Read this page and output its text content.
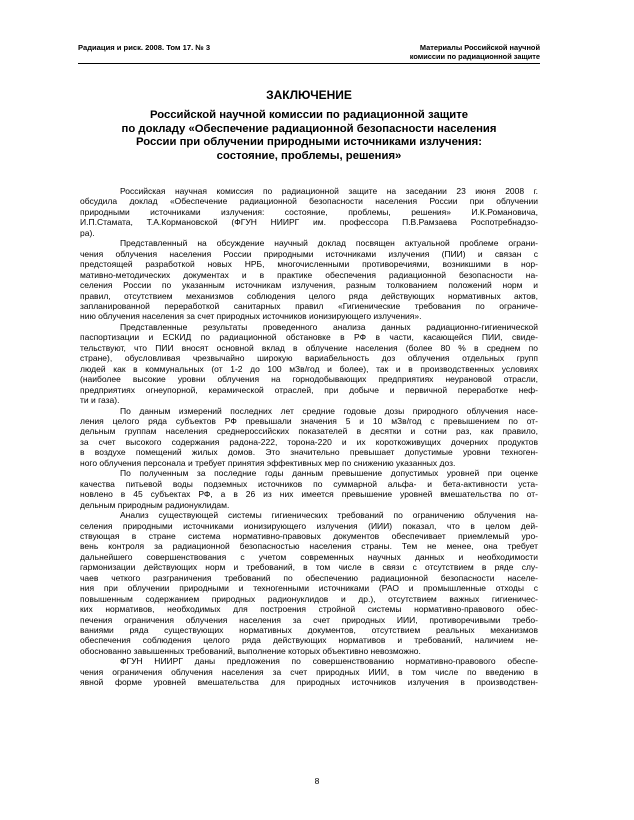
Радиация и риск. 2008. Том 17. № 3	Материалы Российской научной
комиссии по радиационной защите
ЗАКЛЮЧЕНИЕ
Российской научной комиссии по радиационной защите
по докладу «Обеспечение радиационной безопасности населения
России при облучении природными источниками излучения:
состояние, проблемы, решения»

Российская научная комиссия по радиационной защите на заседании 23 июня 2008 г.
обсудила доклад «Обеспечение радиационной безопасности населения России при облучении
природными источниками излучения: состояние, проблемы, решения» И.К.Романовича,
И.П.Стамата, Т.А.Кормановской (ФГУН НИИРГ им. профессора П.В.Рамзаева Роспотребнадзо-
ра).

Представленный на обсуждение научный доклад посвящен актуальной проблеме ограни-
чения облучения населения России природными источниками излучения (ПИИ) и связан с
предстоящей разработкой новых НРБ, многочисленными противоречиями, возникшими в нор-
мативно-методических документах и в практике обеспечения радиационной безопасности на-
селения России по указанным источникам излучения, разным толкованием положений норм и
правил, отсутствием механизмов соблюдения целого ряда действующих нормативных актов,
запланированной переработкой санитарных правил «Гигиенические требования по ограниче-
нию облучения населения за счет природных источников ионизирующего излучения».

Представленные результаты проведенного анализа данных радиационно-гигиенической
паспортизации и ЕСКИД по радиационной обстановке в РФ в части, касающейся ПИИ, свиде-
тельствуют, что ПИИ вносят основной вклад в облучение населения (более 80 % в среднем по
стране), обусловливая чрезвычайно широкую вариабельность доз облучения отдельных групп
людей как в коммунальных (от 1-2 до 100 мЗв/год и более), так и в производственных условиях
(наиболее высокие уровни облучения на горнодобывающих предприятиях неурановой отрасли,
предприятиях огнеупорной, керамической отраслей, при добыче и первичной переработке неф-
ти и газа).

По данным измерений последних лет средние годовые дозы природного облучения насе-
ления целого ряда субъектов РФ превышали значения 5 и 10 мЗв/год с превышением по от-
дельным группам населения среднероссийских показателей в десятки и сотни раз, как правило,
за счет высокого содержания радона-222, торона-220 и их короткоживущих дочерних продуктов
в воздухе помещений жилых домов. Это значительно превышает допустимые уровни техноген-
ного облучения персонала и требует принятия эффективных мер по снижению указанных доз.

По полученным за последние годы данным превышение допустимых уровней при оценке
качества питьевой воды подземных источников по суммарной альфа- и бета-активности уста-
новлено в 45 субъектах РФ, а в 26 из них имеется превышение уровней вмешательства по от-
дельным природным радионуклидам.

Анализ существующей системы гигиенических требований по ограничению облучения на-
селения природными источниками ионизирующего излучения (ИИИ) показал, что в целом дей-
ствующая в стране система нормативно-правовых документов обеспечивает приемлемый уро-
вень контроля за радиационной безопасностью населения страны. Тем не менее, она требует
дальнейшего совершенствования с учетом современных научных данных и необходимости
гармонизации действующих норм и требований, в том числе в связи с отсутствием в ряде слу-
чаев четкого разграничения требований по обеспечению радиационной безопасности населе-
ния при облучении природными и техногенными источниками (РАО и промышленные отходы с
повышенным содержанием природных радионуклидов и др.), отсутствием важных гигиеничес-
ких нормативов, необходимых для построения стройной системы нормативно-правового обес-
печения ограничения облучения населения за счет природных ИИИ, противоречивыми требо-
ваниями ряда существующих нормативных документов, отсутствием реальных механизмов
обеспечения соблюдения целого ряда действующих нормативов и требований, наличием не-
обоснованно завышенных требований, выполнение которых объективно невозможно.

ФГУН НИИРГ даны предложения по совершенствованию нормативно-правового обеспе-
чения ограничения облучения населения за счет природных ИИИ, в том числе по введению в
явной форме уровней вмешательства для природных источников излучения в производствен-

8
